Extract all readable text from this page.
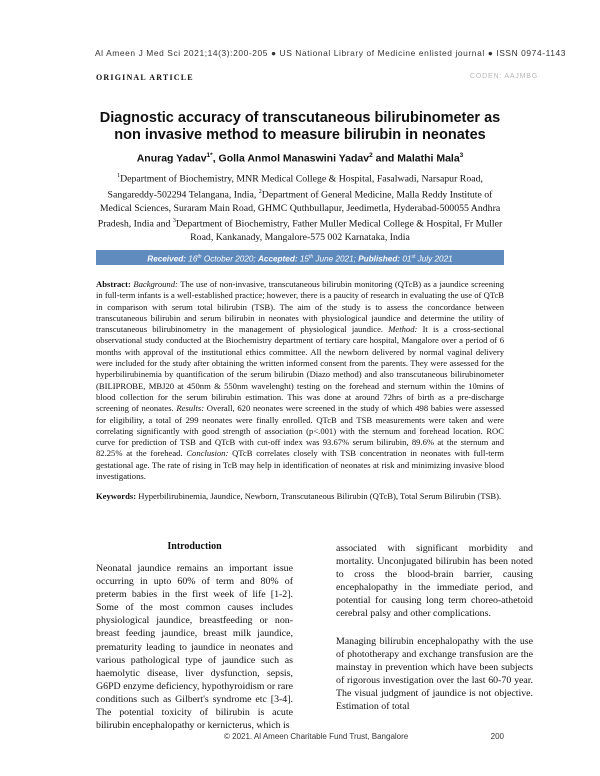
Al Ameen J Med Sci 2021;14(3):200-205 ● US National Library of Medicine enlisted journal ● ISSN 0974-1143
ORIGINAL ARTICLE	CODEN: AAJMBG
Diagnostic accuracy of transcutaneous bilirubinometer as non invasive method to measure bilirubin in neonates
Anurag Yadav$^{1*}$, Golla Anmol Manaswini Yadav$^2$ and Malathi Mala$^3$
$^1$Department of Biochemistry, MNR Medical College & Hospital, Fasalwadi, Narsapur Road, Sangareddy-502294 Telangana, India, $^2$Department of General Medicine, Malla Reddy Institute of Medical Sciences, Suraram Main Road, GHMC Quthbullapur, Jeedimetla, Hyderabad-500055 Andhra Pradesh, India and $^3$Department of Biochemistry, Father Muller Medical College & Hospital, Fr Muller Road, Kankanady, Mangalore-575 002 Karnataka, India
Received: 16th October 2020; Accepted: 15th June 2021; Published: 01st July 2021
Abstract: Background: The use of non-invasive, transcutaneous bilirubin monitoring (QTcB) as a jaundice screening in full-term infants is a well-established practice; however, there is a paucity of research in evaluating the use of QTcB in comparison with serum total bilirubin (TSB). The aim of the study is to assess the concordance between transcutaneous bilirubin and serum bilirubin in neonates with physiological jaundice and determine the utility of transcutaneous bilirubinometry in the management of physiological jaundice. Method: It is a cross-sectional observational study conducted at the Biochemistry department of tertiary care hospital, Mangalore over a period of 6 months with approval of the institutional ethics committee. All the newborn delivered by normal vaginal delivery were included for the study after obtaining the written informed consent from the parents. They were assessed for the hyperbilirubinemia by quantification of the serum bilirubin (Diazo method) and also transcutaneous bilirubinometer (BILIPROBE, MBJ20 at 450nm & 550nm wavelenght) testing on the forehead and sternum within the 10mins of blood collection for the serum bilirubin estimation. This was done at around 72hrs of birth as a pre-discharge screening of neonates. Results: Overall, 620 neonates were screened in the study of which 498 babies were assessed for eligibility, a total of 299 neonates were finally enrolled. QTcB and TSB measurements were taken and were correlating significantly with good strength of association (p<.001) with the sternum and forehead location. ROC curve for prediction of TSB and QTcB with cut-off index was 93.67% serum bilirubin, 89.6% at the sternum and 82.25% at the forehead. Conclusion: QTcB correlates closely with TSB concentration in neonates with full-term gestational age. The rate of rising in TcB may help in identification of neonates at risk and minimizing invasive blood investigations.
Keywords: Hyperbilirubinemia, Jaundice, Newborn, Transcutaneous Bilirubin (QTcB), Total Serum Bilirubin (TSB).
Introduction

Neonatal jaundice remains an important issue occurring in upto 60% of term and 80% of preterm babies in the first week of life [1-2]. Some of the most common causes includes physiological jaundice, breastfeeding or non-breast feeding jaundice, breast milk jaundice, prematurity leading to jaundice in neonates and various pathological type of jaundice such as haemolytic disease, liver dysfunction, sepsis, G6PD enzyme deficiency, hypothyroidism or rare conditions such as Gilbert's syndrome etc [3-4]. The potential toxicity of bilirubin is acute bilirubin encephalopathy or kernicterus, which is

associated with significant morbidity and mortality. Unconjugated bilirubin has been noted to cross the blood-brain barrier, causing encephalopathy in the immediate period, and potential for causing long term choreo-athetoid cerebral palsy and other complications.

Managing bilirubin encephalopathy with the use of phototherapy and exchange transfusion are the mainstay in prevention which have been subjects of rigorous investigation over the last 60-70 year. The visual judgment of jaundice is not objective. Estimation of total

© 2021. Al Ameen Charitable Fund Trust, Bangalore	200
